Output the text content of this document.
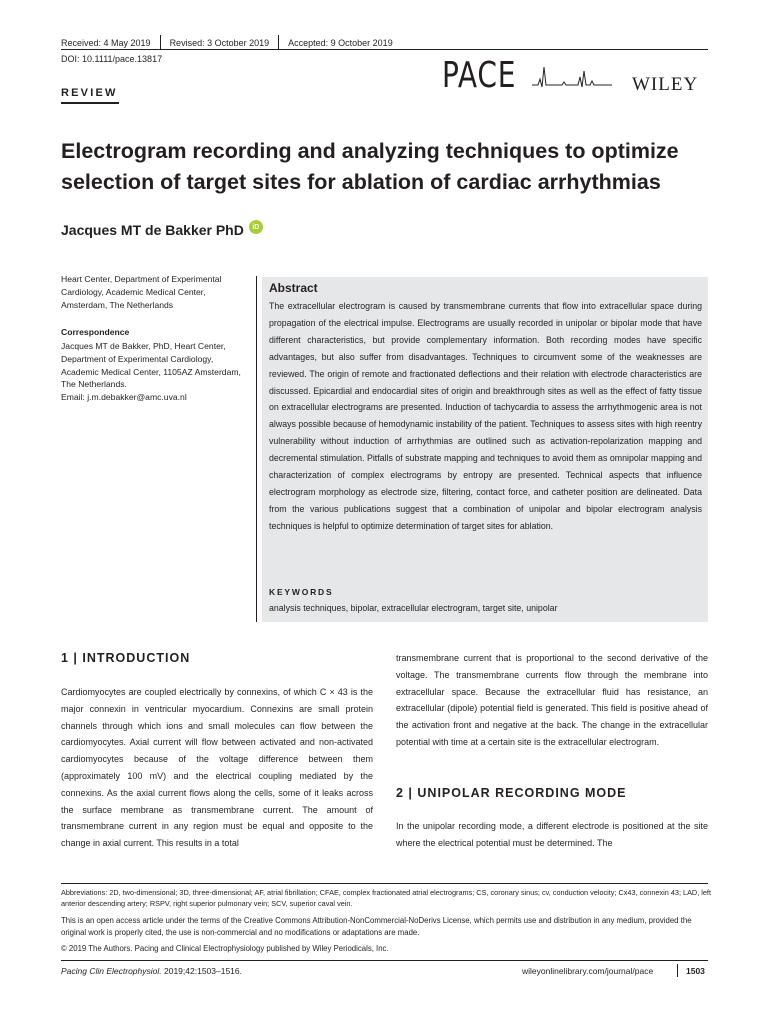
Received: 4 May 2019 Revised: 3 October 2019 Accepted: 9 October 2019
DOI: 10.1111/pace.13817	PACE	WILEY
REVIEW
Electrogram recording and analyzing techniques to optimize selection of target sites for ablation of cardiac arrhythmias
Jacques MT de Bakker PhD	iD
Heart Center, Department of Experimental Cardiology, Academic Medical Center, Amsterdam, The Netherlands
Correspondence
Jacques MT de Bakker, PhD, Heart Center, Department of Experimental Cardiology, Academic Medical Center, 1105AZ Amsterdam, The Netherlands.
Email: j.m.debakker@amc.uva.nl
Abstract
The extracellular electrogram is caused by transmembrane currents that flow into extracellular space during propagation of the electrical impulse. Electrograms are usually recorded in unipolar or bipolar mode that have different characteristics, but provide complementary information. Both recording modes have specific advantages, but also suffer from disadvantages. Techniques to circumvent some of the weaknesses are reviewed. The origin of remote and fractionated deflections and their relation with electrode characteristics are discussed. Epicardial and endocardial sites of origin and breakthrough sites as well as the effect of fatty tissue on extracellular electrograms are presented. Induction of tachycardia to assess the arrhythmogenic area is not always possible because of hemodynamic instability of the patient. Techniques to assess sites with high reentry vulnerability without induction of arrhythmias are outlined such as activation-repolarization mapping and decremental stimulation. Pitfalls of substrate mapping and techniques to avoid them as omnipolar mapping and characterization of complex electrograms by entropy are presented. Technical aspects that influence electrogram morphology as electrode size, filtering, contact force, and catheter position are delineated. Data from the various publications suggest that a combination of unipolar and bipolar electrogram analysis techniques is helpful to optimize determination of target sites for ablation.
KEYWORDS
analysis techniques, bipolar, extracellular electrogram, target site, unipolar
1 | INTRODUCTION
Cardiomyocytes are coupled electrically by connexins, of which C × 43 is the major connexin in ventricular myocardium. Connexins are small protein channels through which ions and small molecules can flow between the cardiomyocytes. Axial current will flow between activated and non-activated cardiomyocytes because of the voltage difference between them (approximately 100 mV) and the electrical coupling mediated by the connexins. As the axial current flows along the cells, some of it leaks across the surface membrane as transmembrane current. The amount of transmembrane current in any region must be equal and opposite to the change in axial current. This results in a total
transmembrane current that is proportional to the second derivative of the voltage. The transmembrane currents flow through the membrane into extracellular space. Because the extracellular fluid has resistance, an extracellular (dipole) potential field is generated. This field is positive ahead of the activation front and negative at the back. The change in the extracellular potential with time at a certain site is the extracellular electrogram.
2 | UNIPOLAR RECORDING MODE
In the unipolar recording mode, a different electrode is positioned at the site where the electrical potential must be determined. The
Abbreviations: 2D, two-dimensional; 3D, three-dimensional; AF, atrial fibrillation; CFAE, complex fractionated atrial electrograms; CS, coronary sinus; cv, conduction velocity; Cx43, connexin 43; LAD, left anterior descending artery; RSPV, right superior pulmonary vein; SCV, superior caval vein.
This is an open access article under the terms of the Creative Commons Attribution-NonCommercial-NoDerivs License, which permits use and distribution in any medium, provided the original work is properly cited, the use is non-commercial and no modifications or adaptations are made.
© 2019 The Authors. Pacing and Clinical Electrophysiology published by Wiley Periodicals, Inc.
Pacing Clin Electrophysiol. 2019;42:1503–1516.	wileyonlinelibrary.com/journal/pace	1503
